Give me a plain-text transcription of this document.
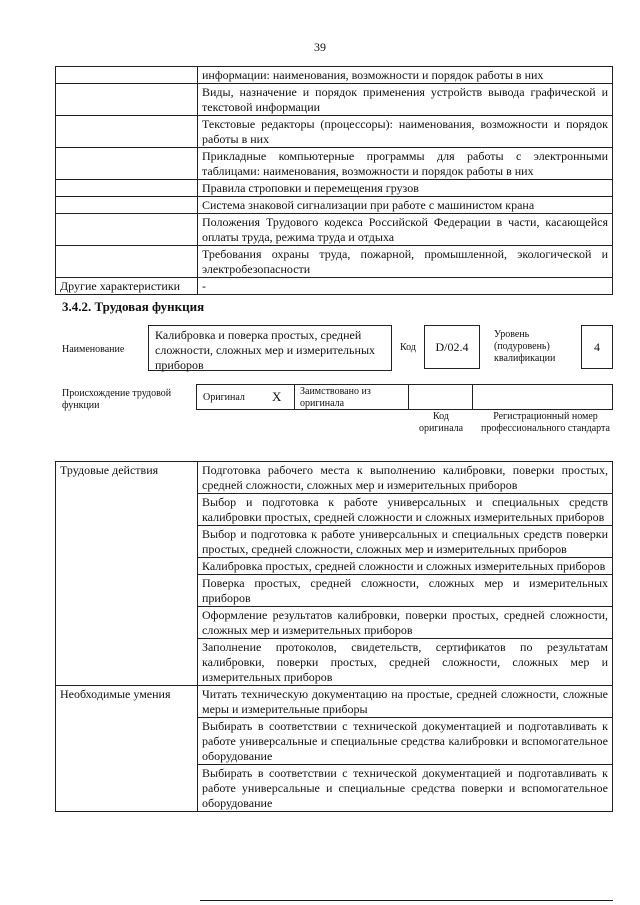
39
	информации: наименования, возможности и порядок работы в них
	Виды, назначение и порядок применения устройств вывода графической и текстовой информации
	Текстовые редакторы (процессоры): наименования, возможности и порядок работы в них
	Прикладные компьютерные программы для работы с электронными таблицами: наименования, возможности и порядок работы в них
	Правила строповки и перемещения грузов
	Система знаковой сигнализации при работе с машинистом крана
	Положения Трудового кодекса Российской Федерации в части, касающейся оплаты труда, режима труда и отдыха
	Требования охраны труда, пожарной, промышленной, экологической и электробезопасности
Другие характеристики	-
3.4.2. Трудовая функция
Наименование
Калибровка и поверка простых, средней сложности, сложных мер и измерительных приборов
Код	D/02.4
Уровень (подуровень) квалификации
4
Происхождение трудовой функции
Оригинал X Заимствовано из оригинала
Код оригинала
Регистрационный номер профессионального стандарта
Трудовые действия	Подготовка рабочего места к выполнению калибровки, поверки простых, средней сложности, сложных мер и измерительных приборов
	Выбор и подготовка к работе универсальных и специальных средств калибровки простых, средней сложности и сложных измерительных приборов
	Выбор и подготовка к работе универсальных и специальных средств поверки простых, средней сложности, сложных мер и измерительных приборов
	Калибровка простых, средней сложности и сложных измерительных приборов
	Поверка простых, средней сложности, сложных мер и измерительных приборов
	Оформление результатов калибровки, поверки простых, средней сложности, сложных мер и измерительных приборов
	Заполнение протоколов, свидетельств, сертификатов по результатам калибровки, поверки простых, средней сложности, сложных мер и измерительных приборов
Необходимые умения	Читать техническую документацию на простые, средней сложности, сложные меры и измерительные приборы
	Выбирать в соответствии с технической документацией и подготавливать к работе универсальные и специальные средства калибровки и вспомогательное оборудование
	Выбирать в соответствии с технической документацией и подготавливать к работе универсальные и специальные средства поверки и вспомогательное оборудование
